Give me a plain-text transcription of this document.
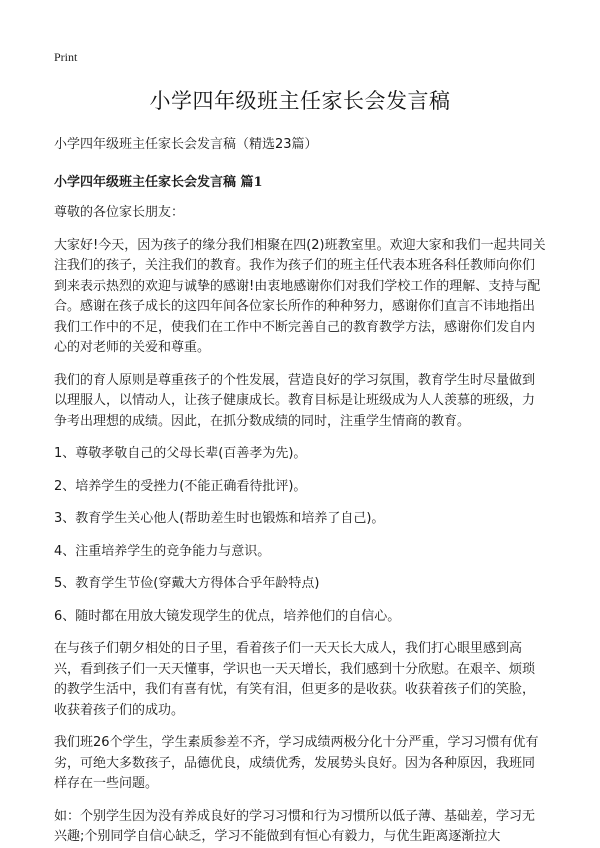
Print
小学四年级班主任家长会发言稿
小学四年级班主任家长会发言稿（精选23篇）
小学四年级班主任家长会发言稿 篇1

尊敬的各位家长朋友：

大家好!今天，因为孩子的缘分我们相聚在四(2)班教室里。欢迎大家和我们一起共同关注我们的孩子，关注我们的教育。我作为孩子们的班主任代表本班各科任教师向你们到来表示热烈的欢迎与诚挚的感谢!由衷地感谢你们对我们学校工作的理解、支持与配合。感谢在孩子成长的这四年间各位家长所作的种种努力，感谢你们直言不讳地指出我们工作中的不足，使我们在工作中不断完善自己的教育教学方法，感谢你们发自内心的对老师的关爱和尊重。

我们的育人原则是尊重孩子的个性发展，营造良好的学习氛围，教育学生时尽量做到以理服人，以情动人，让孩子健康成长。教育目标是让班级成为人人羡慕的班级，力争考出理想的成绩。因此，在抓分数成绩的同时，注重学生情商的教育。

1、尊敬孝敬自己的父母长辈(百善孝为先)。

2、培养学生的受挫力(不能正确看待批评)。

3、教育学生关心他人(帮助差生时也锻炼和培养了自己)。

4、注重培养学生的竞争能力与意识。

5、教育学生节俭(穿戴大方得体合乎年龄特点)

6、随时都在用放大镜发现学生的优点，培养他们的自信心。

在与孩子们朝夕相处的日子里，看着孩子们一天天长大成人，我们打心眼里感到高兴，看到孩子们一天天懂事，学识也一天天增长，我们感到十分欣慰。在艰辛、烦琐的教学生活中，我们有喜有忧，有笑有泪，但更多的是收获。收获着孩子们的笑脸，收获着孩子们的成功。

我们班26个学生，学生素质参差不齐，学习成绩两极分化十分严重，学习习惯有优有劣，可绝大多数孩子，品德优良，成绩优秀，发展势头良好。因为各种原因，我班同样存在一些问题。

如：个别学生因为没有养成良好的学习习惯和行为习惯所以低子薄、基础差，学习无兴趣;个别同学自信心缺乏，学习不能做到有恒心有毅力，与优生距离逐渐拉大
